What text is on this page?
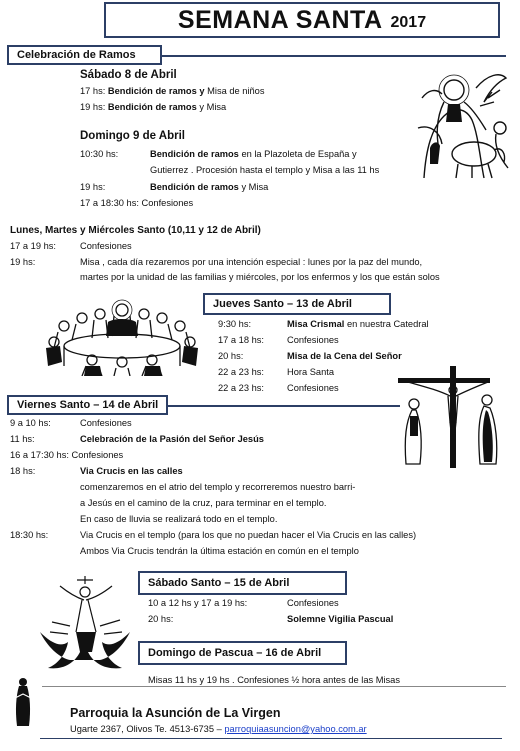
SEMANA SANTA 2017
Celebración de Ramos
Sábado 8 de Abril
17 hs: Bendición de ramos y Misa de niños
19 hs: Bendición de ramos y Misa
Domingo 9 de Abril
10:30 hs:	Bendición de ramos en la Plazoleta de España y
Gutierrez . Procesión hasta el templo y Misa a las 11 hs
19 hs:	Bendición de ramos y Misa
17 a 18:30 hs: Confesiones
Lunes, Martes y Miércoles Santo (10,11 y 12 de Abril)
17 a 19 hs:	Confesiones
19 hs:	Misa , cada día rezaremos por una intención especial : lunes por la paz del mundo,
martes por la unidad de las familias y miércoles, por los enfermos y los que están solos
Jueves Santo – 13 de Abril
9:30 hs:	Misa Crismal en nuestra Catedral
17 a 18 hs: Confesiones
20 hs:	Misa de la Cena del Señor
22 a 23 hs: Hora Santa
22 a 23 hs: Confesiones
Viernes Santo – 14 de Abril
9 a 10 hs:	Confesiones
11 hs:	Celebración de la Pasión del Señor Jesús
16 a 17:30 hs: Confesiones
18 hs:	Via Crucis en las calles
comenzaremos en el atrio del templo y recorreremos nuestro barri-
a Jesús en el camino de la cruz, para terminar en el templo.
En caso de lluvia se realizará todo en el templo.
18:30 hs:	Via Crucis en el templo (para los que no puedan hacer el Via Crucis en las calles)
Ambos Via Crucis tendrán la última estación en común en el templo
Sábado Santo – 15 de Abril
10 a 12 hs y 17 a 19 hs:	Confesiones
20 hs:	Solemne Vigilia Pascual
Domingo de Pascua – 16 de Abril
Misas 11 hs y 19 hs . Confesiones ½ hora antes de las Misas
Parroquia la Asunción de La Virgen
Ugarte 2367, Olivos Te. 4513-6735 – parroquiaasuncion@yahoo.com.ar
